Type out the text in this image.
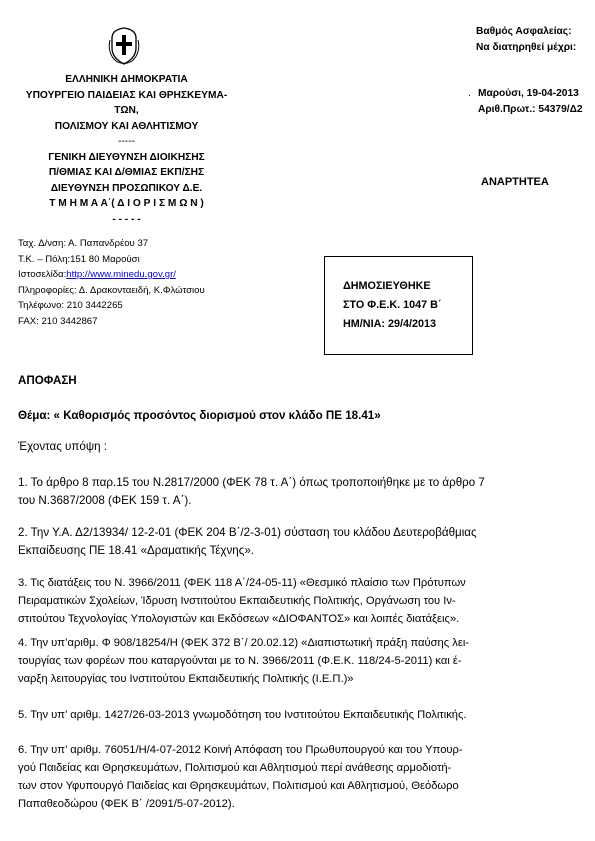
ΕΛΛΗΝΙΚΗ ΔΗΜΟΚΡΑΤΙΑ
ΥΠΟΥΡΓΕΙΟ ΠΑΙΔΕΙΑΣ ΚΑΙ ΘΡΗΣΚΕΥΜΑ-
ΤΩΝ,
ΠΟΛΙΣΜΟΥ ΚΑΙ ΑΘΛΗΤΙΣΜΟΥ
-----
ΓΕΝΙΚΗ ΔΙΕΥΘΥΝΣΗ ΔΙΟΙΚΗΣΗΣ
Π/ΘΜΙΑΣ ΚΑΙ Δ/ΘΜΙΑΣ ΕΚΠ/ΣΗΣ
ΔΙΕΥΘΥΝΣΗ ΠΡΟΣΩΠΙΚΟΥ Δ.Ε.
Τ Μ Η Μ Α Α΄( Δ Ι Ο Ρ Ι Σ Μ Ω Ν )
- - - - -
Ταχ. Δ/νση: Α. Παπανδρέου 37
Τ.Κ. – Πόλη:151 80 Μαρούσι
Ιστοσελίδα:http://www.minedu.gov.gr/
Πληροφορίες: Δ. Δρακονταειδή, Κ.Φλώτσιου
Τηλέφωνο: 210 3442265
FAX: 210 3442867
Βαθμός Ασφαλείας:
Να διατηρηθεί μέχρι:
. Μαρούσι, 19-04-2013
Αριθ.Πρωτ.: 54379/Δ2
ΑΝΑΡΤΗΤΕΑ
ΔΗΜΟΣΙΕΥΘΗΚΕ
ΣΤΟ Φ.Ε.Κ. 1047 Β΄
ΗΜ/ΝΙΑ: 29/4/2013
ΑΠΟΦΑΣΗ
Θέμα: « Καθορισμός προσόντος διορισμού στον κλάδο ΠΕ 18.41»
Έχοντας υπόψη :
1. Το άρθρο 8 παρ.15 του Ν.2817/2000 (ΦΕΚ 78 τ. Α΄) όπως τροποποιήθηκε με το άρθρο 7
του Ν.3687/2008 (ΦΕΚ 159 τ. Α΄).
2. Την Υ.Α. Δ2/13934/ 12-2-01 (ΦΕΚ 204 Β΄/2-3-01) σύσταση του κλάδου Δευτεροβάθμιας
Εκπαίδευσης ΠΕ 18.41 «Δραματικής Τέχνης».
3. Τις διατάξεις του Ν. 3966/2011 (ΦΕΚ 118 Α΄/24-05-11) «Θεσμικό πλαίσιο των Πρότυπων
Πειραματικών Σχολείων, Ίδρυση Ινστιτούτου Εκπαιδευτικής Πολιτικής, Οργάνωση του Ιν-
στιτούτου Τεχνολογίας Υπολογιστών και Εκδόσεων «ΔΙΟΦΑΝΤΟΣ» και λοιπές διατάξεις».
4. Την υπ’αριθμ. Φ 908/18254/Η (ΦΕΚ 372 Β΄/ 20.02.12) «Διαπιστωτική πράξη παύσης λει-
τουργίας των φορέων που καταργούνται με το Ν. 3966/2011 (Φ.Ε.Κ. 118/24-5-2011) και έ-
ναρξη λειτουργίας του Ινστιτούτου Εκπαιδευτικής Πολιτικής (Ι.Ε.Π.)»
5. Την υπ’ αριθμ. 1427/26-03-2013 γνωμοδότηση του Ινστιτούτου Εκπαιδευτικής Πολιτικής.
6. Την υπ’ αριθμ. 76051/Η/4-07-2012 Κοινή Απόφαση του Πρωθυπουργού και του Υπουρ-
γού Παιδείας και Θρησκευμάτων, Πολιτισμού και Αθλητισμού περί ανάθεσης αρμοδιοτή-
των στον Υφυπουργό Παιδείας και Θρησκευμάτων, Πολιτισμού και Αθλητισμού, Θεόδωρο
Παπαθεοδώρου (ΦΕΚ Β΄ /2091/5-07-2012).
